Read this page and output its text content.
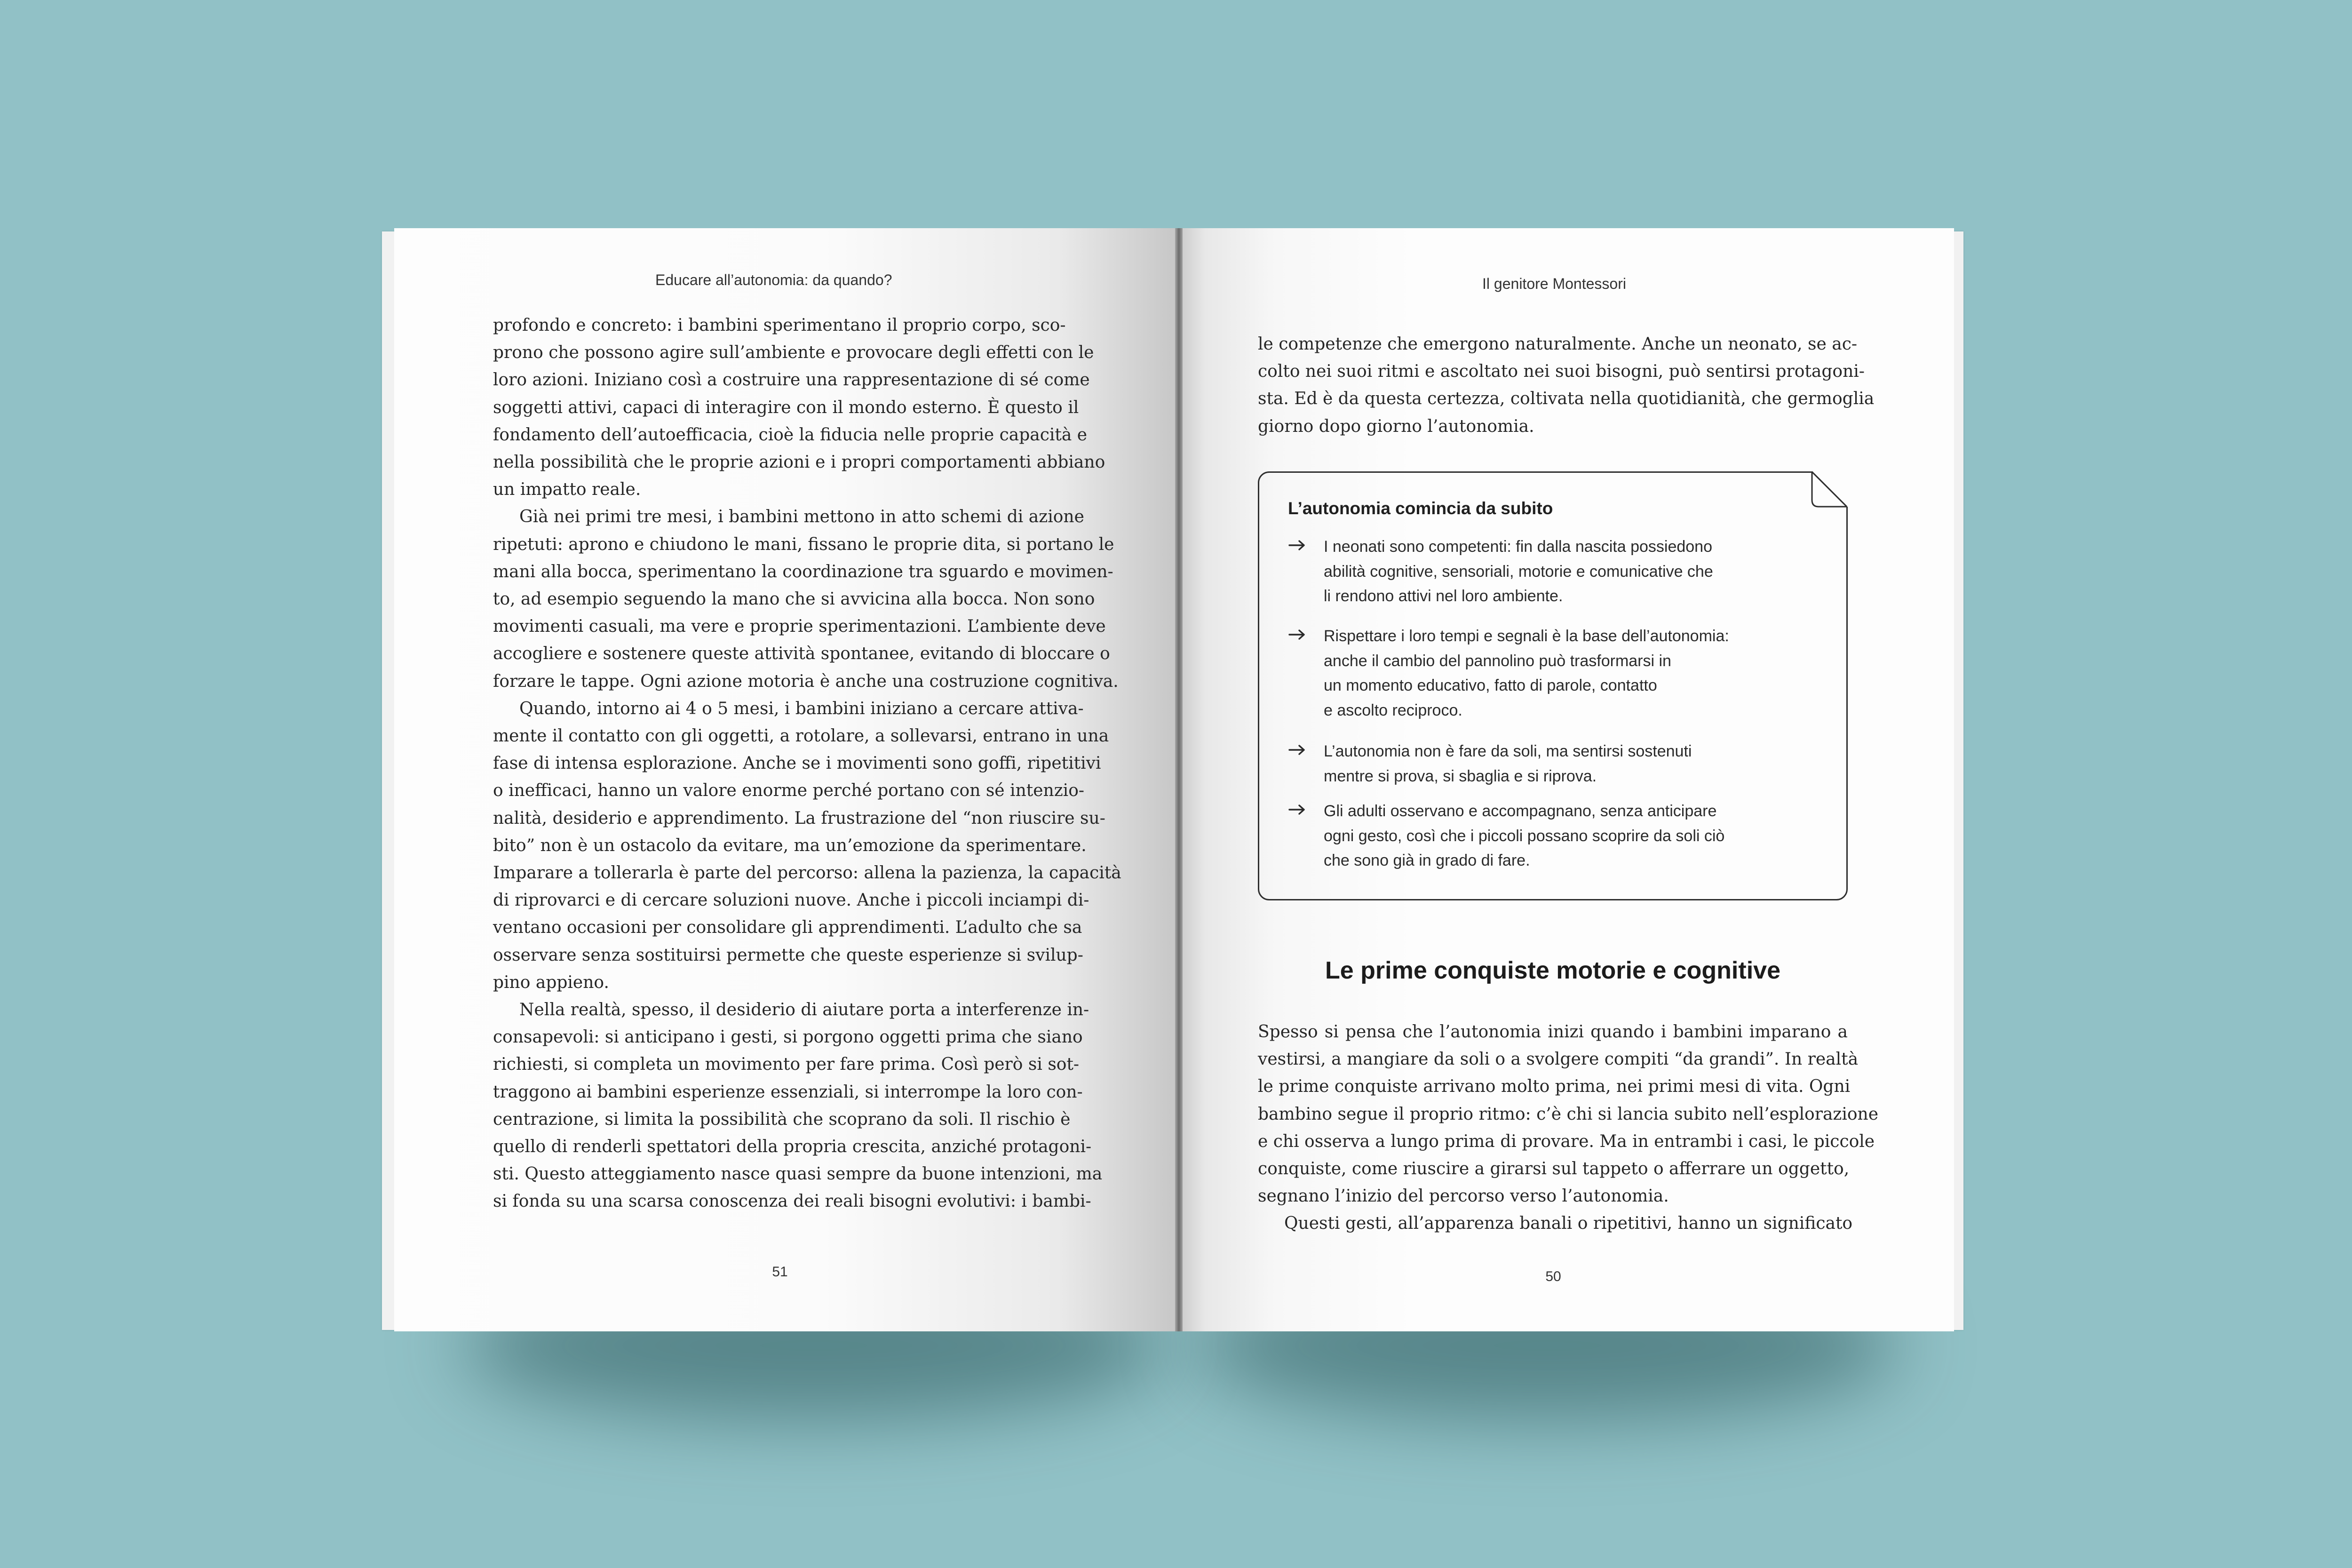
Educare all’autonomia: da quando?
profondo e concreto: i bambini sperimentano il proprio corpo, sco-
prono che possono agire sull’ambiente e provocare degli effetti con le
loro azioni. Iniziano così a costruire una rappresentazione di sé come
soggetti attivi, capaci di interagire con il mondo esterno. È questo il
fondamento dell’autoefficacia, cioè la fiducia nelle proprie capacità e
nella possibilità che le proprie azioni e i propri comportamenti abbiano
un impatto reale.
Già nei primi tre mesi, i bambini mettono in atto schemi di azione
ripetuti: aprono e chiudono le mani, fissano le proprie dita, si portano le
mani alla bocca, sperimentano la coordinazione tra sguardo e movimen-
to, ad esempio seguendo la mano che si avvicina alla bocca. Non sono
movimenti casuali, ma vere e proprie sperimentazioni. L’ambiente deve
accogliere e sostenere queste attività spontanee, evitando di bloccare o
forzare le tappe. Ogni azione motoria è anche una costruzione cognitiva.
Quando, intorno ai 4 o 5 mesi, i bambini iniziano a cercare attiva-
mente il contatto con gli oggetti, a rotolare, a sollevarsi, entrano in una
fase di intensa esplorazione. Anche se i movimenti sono goffi, ripetitivi
o inefficaci, hanno un valore enorme perché portano con sé intenzio-
nalità, desiderio e apprendimento. La frustrazione del “non riuscire su-
bito” non è un ostacolo da evitare, ma un’emozione da sperimentare.
Imparare a tollerarla è parte del percorso: allena la pazienza, la capacità
di riprovarci e di cercare soluzioni nuove. Anche i piccoli inciampi di-
ventano occasioni per consolidare gli apprendimenti. L’adulto che sa
osservare senza sostituirsi permette che queste esperienze si svilup-
pino appieno.
Nella realtà, spesso, il desiderio di aiutare porta a interferenze in-
consapevoli: si anticipano i gesti, si porgono oggetti prima che siano
richiesti, si completa un movimento per fare prima. Così però si sot-
traggono ai bambini esperienze essenziali, si interrompe la loro con-
centrazione, si limita la possibilità che scoprano da soli. Il rischio è
quello di renderli spettatori della propria crescita, anziché protagoni-
sti. Questo atteggiamento nasce quasi sempre da buone intenzioni, ma
si fonda su una scarsa conoscenza dei reali bisogni evolutivi: i bambi-
51
Il genitore Montessori
le competenze che emergono naturalmente. Anche un neonato, se ac-
colto nei suoi ritmi e ascoltato nei suoi bisogni, può sentirsi protagoni-
sta. Ed è da questa certezza, coltivata nella quotidianità, che germoglia
giorno dopo giorno l’autonomia.
L’autonomia comincia da subito
I neonati sono competenti: fin dalla nascita possiedono
abilità cognitive, sensoriali, motorie e comunicative che
li rendono attivi nel loro ambiente.
Rispettare i loro tempi e segnali è la base dell’autonomia:
anche il cambio del pannolino può trasformarsi in
un momento educativo, fatto di parole, contatto
e ascolto reciproco.
L’autonomia non è fare da soli, ma sentirsi sostenuti
mentre si prova, si sbaglia e si riprova.
Gli adulti osservano e accompagnano, senza anticipare
ogni gesto, così che i piccoli possano scoprire da soli ciò
che sono già in grado di fare.
Le prime conquiste motorie e cognitive
Spesso si pensa che l’autonomia inizi quando i bambini imparano a
vestirsi, a mangiare da soli o a svolgere compiti “da grandi”. In realtà
le prime conquiste arrivano molto prima, nei primi mesi di vita. Ogni
bambino segue il proprio ritmo: c’è chi si lancia subito nell’esplorazione
e chi osserva a lungo prima di provare. Ma in entrambi i casi, le piccole
conquiste, come riuscire a girarsi sul tappeto o afferrare un oggetto,
segnano l’inizio del percorso verso l’autonomia.
Questi gesti, all’apparenza banali o ripetitivi, hanno un significato
50
